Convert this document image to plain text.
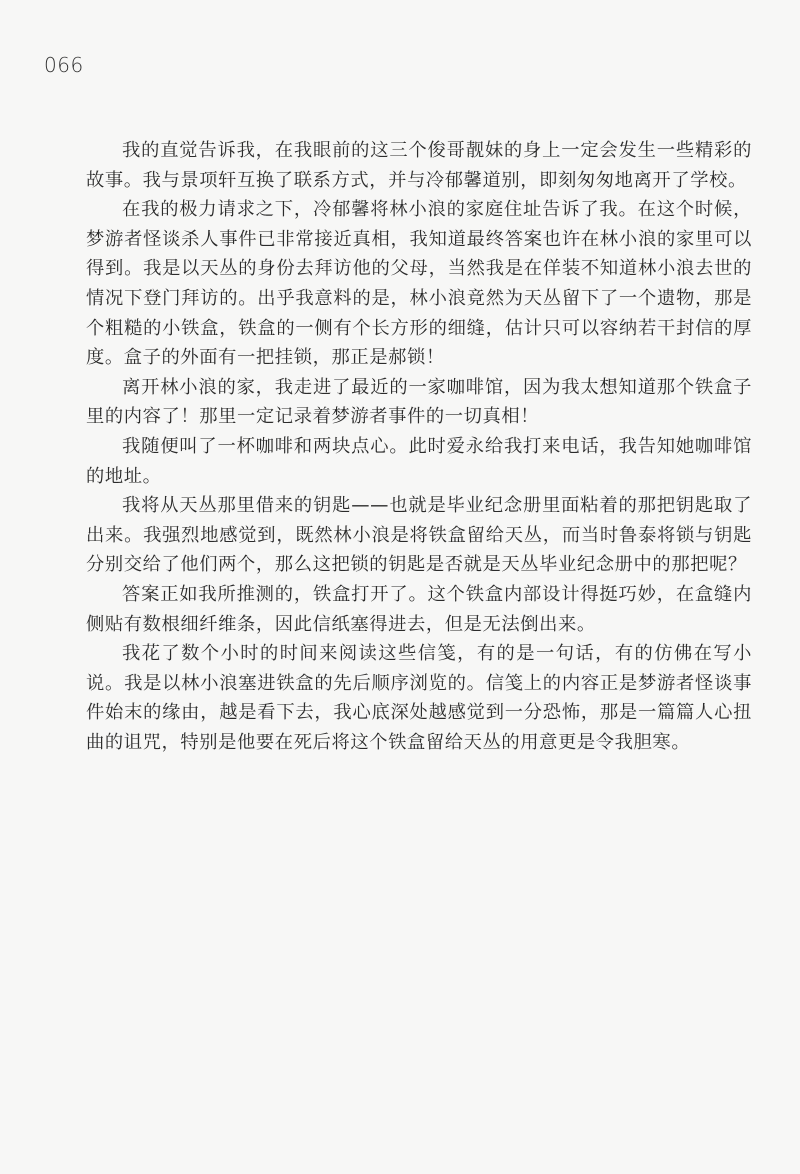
066

我的直觉告诉我，在我眼前的这三个俊哥靓妹的身上一定会发生一些精彩的故事。我与景项轩互换了联系方式，并与冷郁馨道别，即刻匆匆地离开了学校。

在我的极力请求之下，冷郁馨将林小浪的家庭住址告诉了我。在这个时候，梦游者怪谈杀人事件已非常接近真相，我知道最终答案也许在林小浪的家里可以得到。我是以天丛的身份去拜访他的父母，当然我是在佯装不知道林小浪去世的情况下登门拜访的。出乎我意料的是，林小浪竟然为天丛留下了一个遗物，那是个粗糙的小铁盒，铁盒的一侧有个长方形的细缝，估计只可以容纳若干封信的厚度。盒子的外面有一把挂锁，那正是郝锁！

离开林小浪的家，我走进了最近的一家咖啡馆，因为我太想知道那个铁盒子里的内容了！那里一定记录着梦游者事件的一切真相！

我随便叫了一杯咖啡和两块点心。此时爱永给我打来电话，我告知她咖啡馆的地址。

我将从天丛那里借来的钥匙——也就是毕业纪念册里面粘着的那把钥匙取了出来。我强烈地感觉到，既然林小浪是将铁盒留给天丛，而当时鲁泰将锁与钥匙分别交给了他们两个，那么这把锁的钥匙是否就是天丛毕业纪念册中的那把呢？

答案正如我所推测的，铁盒打开了。这个铁盒内部设计得挺巧妙，在盒缝内侧贴有数根细纤维条，因此信纸塞得进去，但是无法倒出来。

我花了数个小时的时间来阅读这些信笺，有的是一句话，有的仿佛在写小说。我是以林小浪塞进铁盒的先后顺序浏览的。信笺上的内容正是梦游者怪谈事件始末的缘由，越是看下去，我心底深处越感觉到一分恐怖，那是一篇篇人心扭曲的诅咒，特别是他要在死后将这个铁盒留给天丛的用意更是令我胆寒。
